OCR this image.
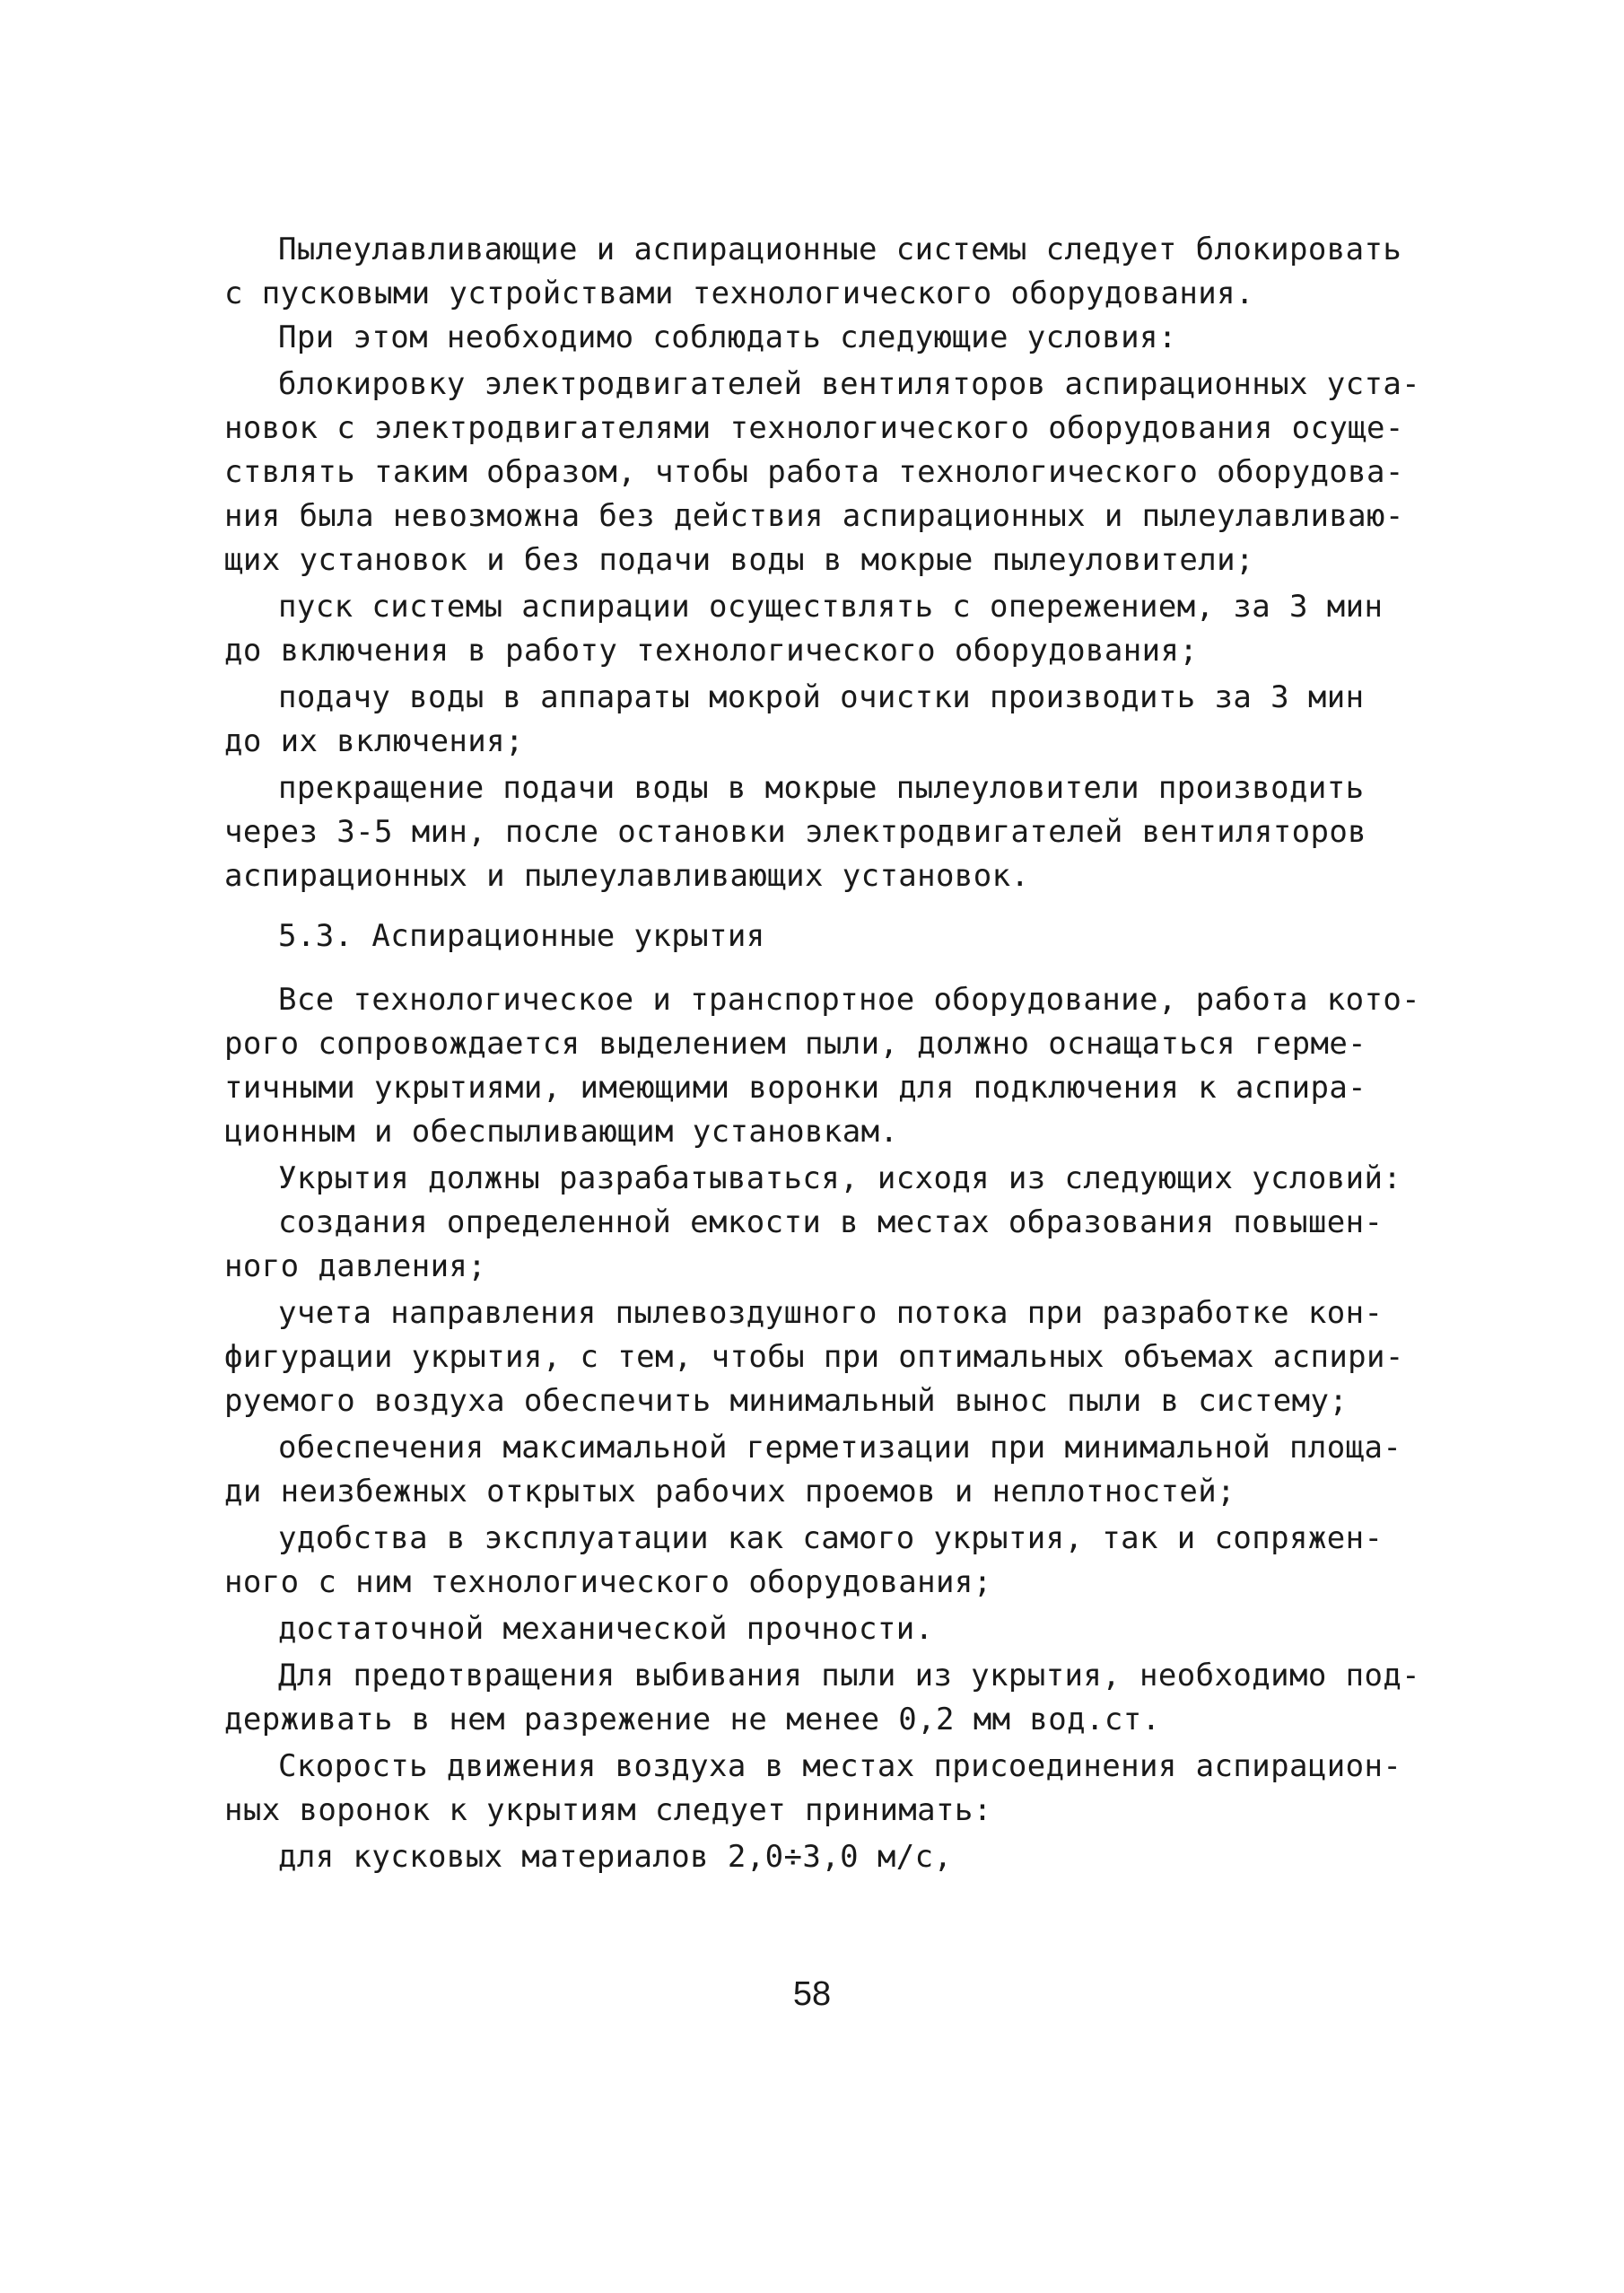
Пылеулавливающие и аспирационные системы следует блокировать
с пусковыми устройствами технологического оборудования.
При этом необходимо соблюдать следующие условия:
блокировку электродвигателей вентиляторов аспирационных уста-
новок с электродвигателями технологического оборудования осуще-
ствлять таким образом, чтобы работа технологического оборудова-
ния была невозможна без действия аспирационных и пылеулавливаю-
щих установок и без подачи воды в мокрые пылеуловители;
пуск системы аспирации осуществлять с опережением, за 3 мин
до включения в работу технологического оборудования;
подачу воды в аппараты мокрой очистки производить за 3 мин
до их включения;
прекращение подачи воды в мокрые пылеуловители производить
через 3-5 мин, после остановки электродвигателей вентиляторов
аспирационных и пылеулавливающих установок.
5.3. Аспирационные укрытия
Все технологическое и транспортное оборудование, работа кото-
рого сопровождается выделением пыли, должно оснащаться герме-
тичными укрытиями, имеющими воронки для подключения к аспира-
ционным и обеспыливающим установкам.
Укрытия должны разрабатываться, исходя из следующих условий:
создания определенной емкости в местах образования повышен-
ного давления;
учета направления пылевоздушного потока при разработке кон-
фигурации укрытия, с тем, чтобы при оптимальных объемах аспири-
руемого воздуха обеспечить минимальный вынос пыли в систему;
обеспечения максимальной герметизации при минимальной площа-
ди неизбежных открытых рабочих проемов и неплотностей;
удобства в эксплуатации как самого укрытия, так и сопряжен-
ного с ним технологического оборудования;
достаточной механической прочности.
Для предотвращения выбивания пыли из укрытия, необходимо под-
держивать в нем разрежение не менее 0,2 мм вод.ст.
Скорость движения воздуха в местах присоединения аспирацион-
ных воронок к укрытиям следует принимать:
для кусковых материалов 2,0÷3,0 м/с,
58
